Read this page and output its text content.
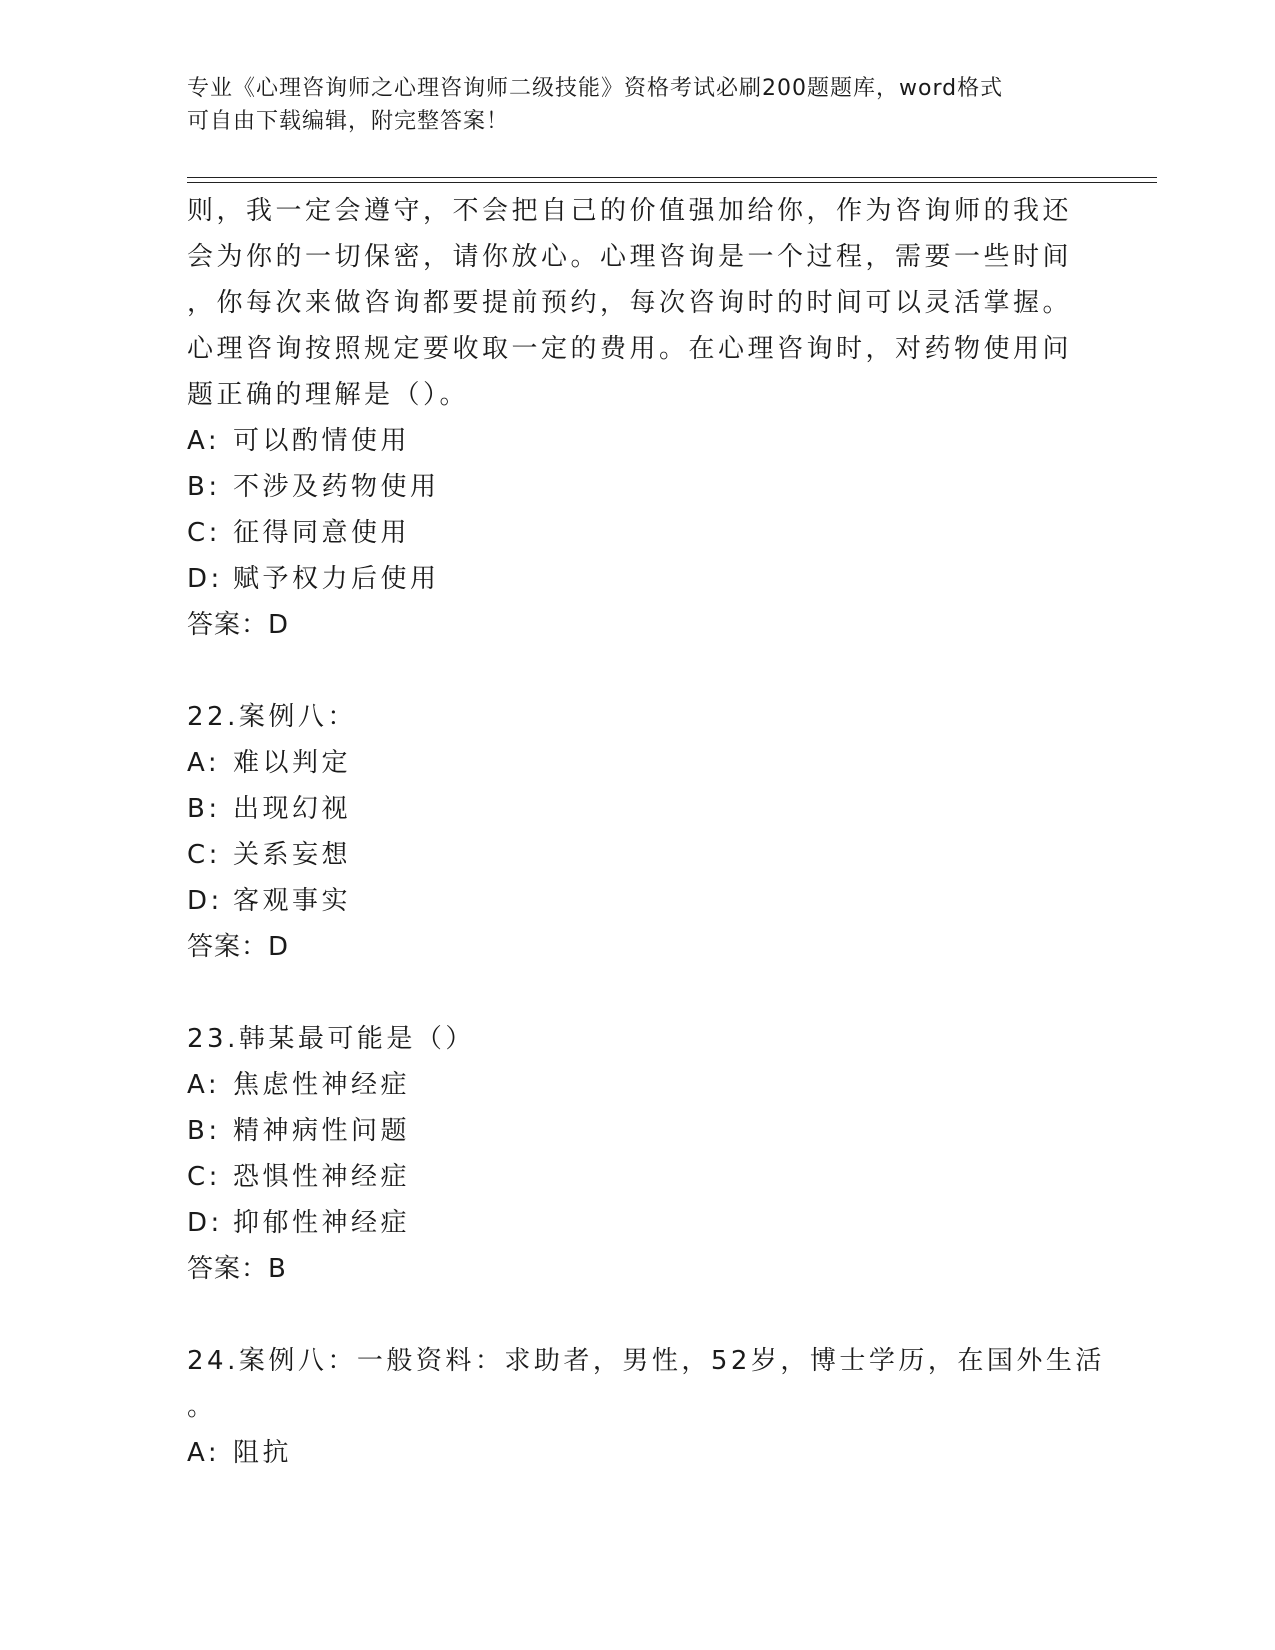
专业《心理咨询师之心理咨询师二级技能》资格考试必刷200题题库，word格式
可自由下载编辑，附完整答案！
则，我一定会遵守，不会把自己的价值强加给你，作为咨询师的我还
会为你的一切保密，请你放心。心理咨询是一个过程，需要一些时间
，你每次来做咨询都要提前预约，每次咨询时的时间可以灵活掌握。
心理咨询按照规定要收取一定的费用。在心理咨询时，对药物使用问
题正确的理解是（）。
A: 可以酌情使用
B: 不涉及药物使用
C: 征得同意使用
D: 赋予权力后使用
答案：D
22.案例八：
A: 难以判定
B: 出现幻视
C: 关系妄想
D: 客观事实
答案：D
23.韩某最可能是（）
A: 焦虑性神经症
B: 精神病性问题
C: 恐惧性神经症
D: 抑郁性神经症
答案：B
24.案例八：一般资料：求助者，男性，52岁，博士学历，在国外生活
。
A: 阻抗
